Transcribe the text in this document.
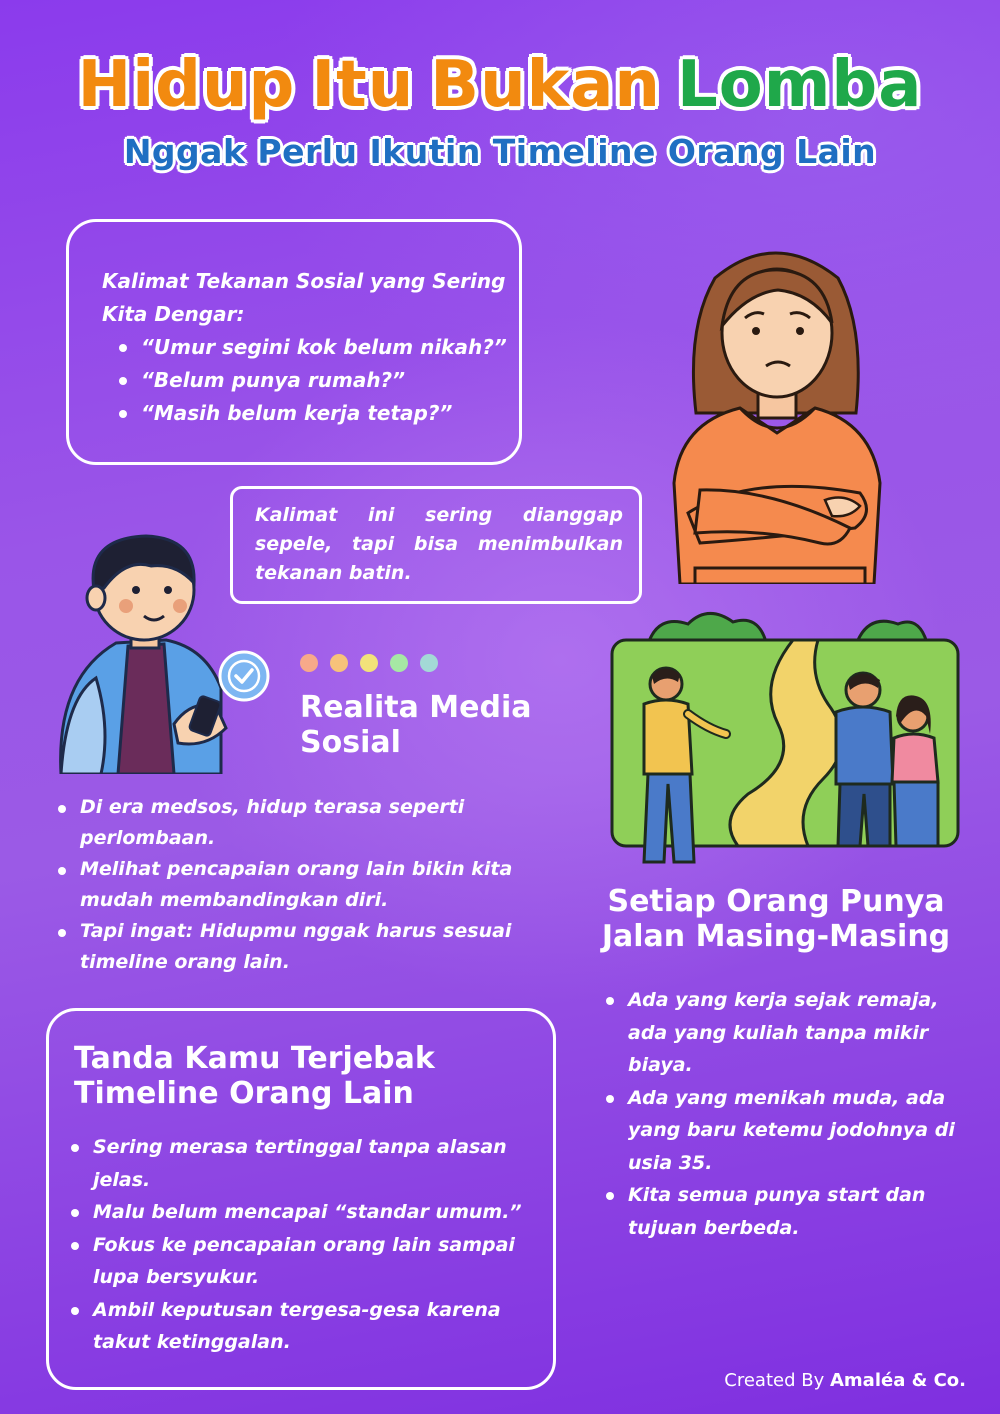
Hidup Itu Bukan Lomba
Nggak Perlu Ikutin Timeline Orang Lain
Kalimat Tekanan Sosial yang Sering Kita Dengar:
“Umur segini kok belum nikah?”
“Belum punya rumah?”
“Masih belum kerja tetap?”
Kalimat ini sering dianggap sepele, tapi bisa menimbulkan tekanan batin.
Realita Media Sosial
Di era medsos, hidup terasa seperti perlombaan.
Melihat pencapaian orang lain bikin kita mudah membandingkan diri.
Tapi ingat: Hidupmu nggak harus sesuai timeline orang lain.
Setiap Orang Punya Jalan Masing-Masing
Ada yang kerja sejak remaja, ada yang kuliah tanpa mikir biaya.
Ada yang menikah muda, ada yang baru ketemu jodohnya di usia 35.
Kita semua punya start dan tujuan berbeda.
Tanda Kamu Terjebak Timeline Orang Lain
Sering merasa tertinggal tanpa alasan jelas.
Malu belum mencapai “standar umum.”
Fokus ke pencapaian orang lain sampai lupa bersyukur.
Ambil keputusan tergesa-gesa karena takut ketinggalan.
Created By Amaléa & Co.
